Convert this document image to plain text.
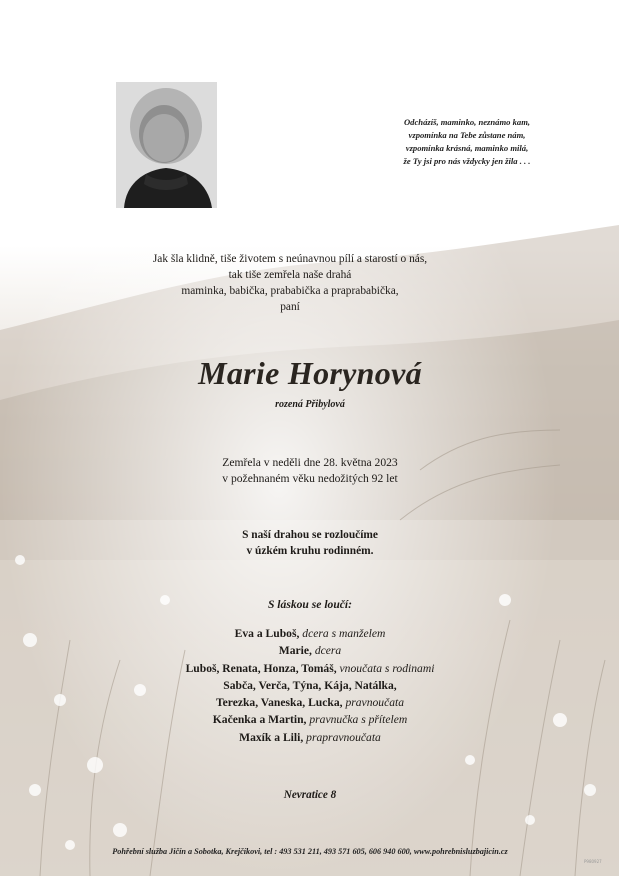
Odcházíš, maminko, neznámo kam,
vzpomínka na Tebe zůstane nám,
vzpomínka krásná, maminko milá,
že Ty jsi pro nás vždycky jen žila . . .
Jak šla klidně, tiše životem s neúnavnou pílí a starostí o nás,
tak tiše zemřela naše drahá
maminka, babička, prababička a praprababička,
paní
Marie Horynová
rozená Přibylová
Zemřela v neděli dne 28. května 2023
v požehnaném věku nedožitých 92 let
S naší drahou se rozloučíme
v úzkém kruhu rodinném.
S láskou se loučí:
Eva a Luboš, dcera s manželem
Marie, dcera
Luboš, Renata, Honza, Tomáš, vnoučata s rodinami
Sabča, Verča, Týna, Kája, Natálka,
Terezka, Vaneska, Lucka, pravnoučata
Kačenka a Martin, pravnučka s přítelem
Maxík a Lili, prapravnoučata
Nevratice 8
Pohřební služba Jičín a Sobotka, Krejčíkovi, tel : 493 531 211, 493 571 605, 606 940 600, www.pohrebnisluzbajicin.cz
P980927
